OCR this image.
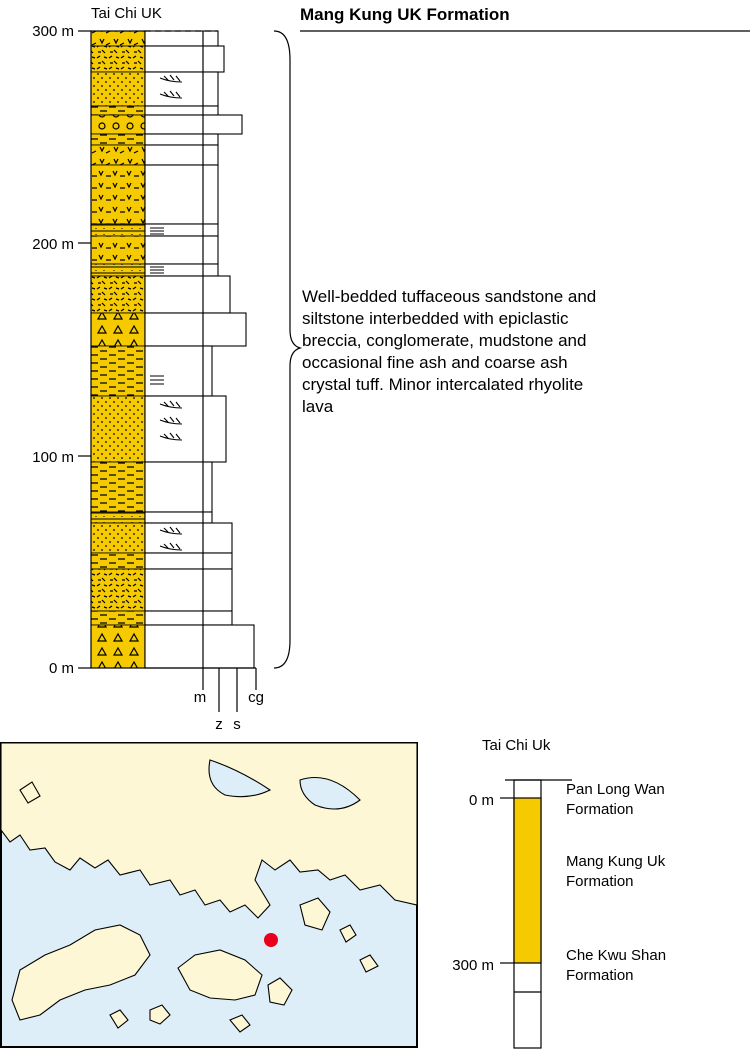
Tai Chi UK	Mang Kung UK Formation
300 m
200 m
100 m
0 m
m
z s
cg
Well-bedded tuffaceous sandstone and
siltstone interbedded with epiclastic
breccia, conglomerate, mudstone and
occasional fine ash and coarse ash
crystal tuff. Minor intercalated rhyolite
lava
Tai Chi Uk
0 m
300 m
Pan Long Wan
Formation
Mang Kung Uk
Formation
Che Kwu Shan
Formation
